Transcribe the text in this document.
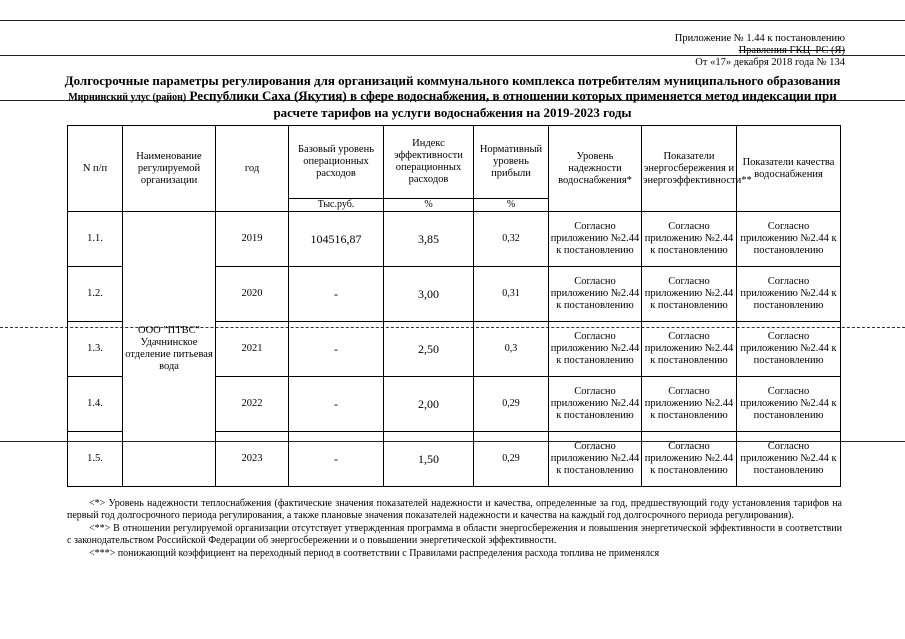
Приложение № 1.44 к постановлению
Правления ГКЦ–РС (Я)
От «17» декабря 2018 года № 134
Долгосрочные параметры регулирования для организаций коммунального комплекса потребителям муниципального образования Мирнинский улус (район) Республики Саха (Якутия) в сфере водоснабжения, в отношении которых применяется метод индексации при расчете тарифов на услуги водоснабжения на 2019-2023 годы
N п/п	Наименование регулируемой организации	год	Базовый уровень операционных расходов	Индекс эффективности операционных расходов	Нормативный уровень прибыли	Уровень надежности водоснабжения*	Показатели энергосбережения и энергоэффективности**	Показатели качества водоснабжения
			Тыс.руб.	%	%			
1.1.	ООО "ПТВС" Удачнинское отделение питьевая вода	2019	104516,87	3,85	0,32	Согласно приложению №2.44 к постановлению	Согласно приложению №2.44 к постановлению	Согласно приложению №2.44 к постановлению
1.2.		2020	-	3,00	0,31	Согласно приложению №2.44 к постановлению	Согласно приложению №2.44 к постановлению	Согласно приложению №2.44 к постановлению
1.3.		2021	-	2,50	0,3	Согласно приложению №2.44 к постановлению	Согласно приложению №2.44 к постановлению	Согласно приложению №2.44 к постановлению
1.4.		2022	-	2,00	0,29	Согласно приложению №2.44 к постановлению	Согласно приложению №2.44 к постановлению	Согласно приложению №2.44 к постановлению
1.5.		2023	-	1,50	0,29	Согласно приложению №2.44 к постановлению	Согласно приложению №2.44 к постановлению	Согласно приложению №2.44 к постановлению

<*> Уровень надежности теплоснабжения (фактические значения показателей надежности и качества, определенные за год, предшествующий году установления тарифов на первый год долгосрочного периода регулирования, а также плановые значения показателей надежности и качества на каждый год долгосрочного периода регулирования).

<**> В отношении регулируемой организации отсутствует утвержденная программа в области энергосбережения и повышения энергетической эффективности в соответствии с законодательством Российской Федерации об энергосбережении и о повышении энергетической эффективности.

<***> понижающий коэффициент на переходный период в соответствии с Правилами распределения расхода топлива не применялся
